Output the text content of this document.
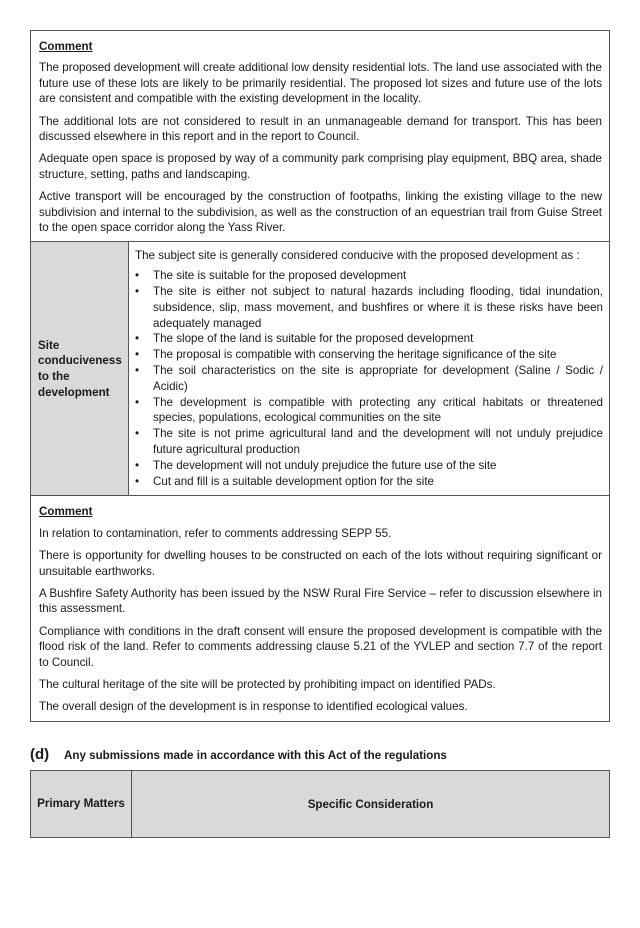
Comment

The proposed development will create additional low density residential lots. The land use associated with the future use of these lots are likely to be primarily residential. The proposed lot sizes and future use of the lots are consistent and compatible with the existing development in the locality.

The additional lots are not considered to result in an unmanageable demand for transport. This has been discussed elsewhere in this report and in the report to Council.

Adequate open space is proposed by way of a community park comprising play equipment, BBQ area, shade structure, setting, paths and landscaping.

Active transport will be encouraged by the construction of footpaths, linking the existing village to the new subdivision and internal to the subdivision, as well as the construction of an equestrian trail from Guise Street to the open space corridor along the Yass River.

Site conduciveness to the development

The subject site is generally considered conducive with the proposed development as :

• The site is suitable for the proposed development
• The site is either not subject to natural hazards including flooding, tidal inundation, subsidence, slip, mass movement, and bushfires or where it is these risks have been adequately managed
• The slope of the land is suitable for the proposed development
• The proposal is compatible with conserving the heritage significance of the site
• The soil characteristics on the site is appropriate for development (Saline / Sodic / Acidic)
• The development is compatible with protecting any critical habitats or threatened species, populations, ecological communities on the site
• The site is not prime agricultural land and the development will not unduly prejudice future agricultural production
• The development will not unduly prejudice the future use of the site
• Cut and fill is a suitable development option for the site
Comment

In relation to contamination, refer to comments addressing SEPP 55.

There is opportunity for dwelling houses to be constructed on each of the lots without requiring significant or unsuitable earthworks.

A Bushfire Safety Authority has been issued by the NSW Rural Fire Service – refer to discussion elsewhere in this assessment.

Compliance with conditions in the draft consent will ensure the proposed development is compatible with the flood risk of the land. Refer to comments addressing clause 5.21 of the YVLEP and section 7.7 of the report to Council.

The cultural heritage of the site will be protected by prohibiting impact on identified PADs.

The overall design of the development is in response to identified ecological values.

(d)	Any submissions made in accordance with this Act of the regulations
Primary Matters	Specific Consideration
